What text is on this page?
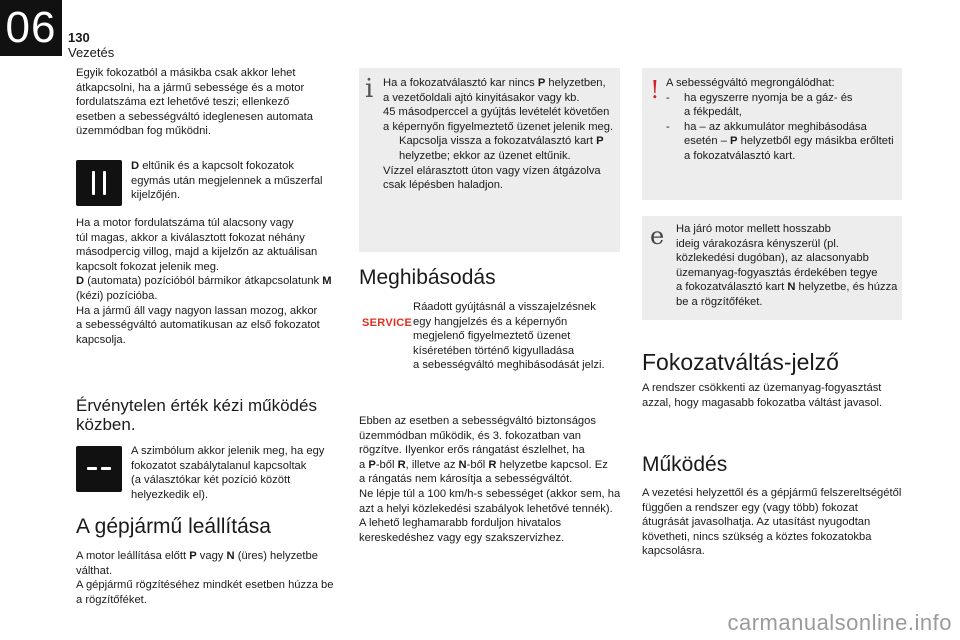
06 130
Vezetés
Egyik fokozatból a másikba csak akkor lehet
átkapcsolni, ha a jármű sebessége és a motor
fordulatszáma ezt lehetővé teszi; ellenkező
esetben a sebességváltó ideglenesen automata
üzemmódban fog működni.
D eltűnik és a kapcsolt fokozatok
egymás után megjelennek a műszerfal
kijelzőjén.
Ha a motor fordulatszáma túl alacsony vagy
túl magas, akkor a kiválasztott fokozat néhány
másodpercig villog, majd a kijelzőn az aktuálisan
kapcsolt fokozat jelenik meg.
D (automata) pozícióból bármikor átkapcsolatunk M
(kézi) pozícióba.
Ha a jármű áll vagy nagyon lassan mozog, akkor
a sebességváltó automatikusan az első fokozatot
kapcsolja.
Érvénytelen érték kézi működés
közben.
A szimbólum akkor jelenik meg, ha egy
fokozatot szabálytalanul kapcsoltak
(a választókar két pozíció között
helyezkedik el).
A gépjármű leállítása
A motor leállítása előtt P vagy N (üres) helyzetbe
válthat.
A gépjármű rögzítéséhez mindkét esetben húzza be
a rögzítőféket.
i Ha a fokozatválasztó kar nincs P helyzetben,
a vezetőoldali ajtó kinyitásakor vagy kb.
45 másodperccel a gyújtás levételét követően
a képernyőn figyelmeztető üzenet jelenik meg.
Kapcsolja vissza a fokozatválasztó kart P
helyzetbe; ekkor az üzenet eltűnik.
Vízzel elárasztott úton vagy vízen átgázolva
csak lépésben haladjon.
Meghibásodás
SERVICE
Ráadott gyújtásnál a visszajelzésnek
egy hangjelzés és a képernyőn
megjelenő figyelmeztető üzenet
kíséretében történő kigyulladása
a sebességváltó meghibásodását jelzi.
Ebben az esetben a sebességváltó biztonságos
üzemmódban működik, és 3. fokozatban van
rögzítve. Ilyenkor erős rángatást észlelhet, ha
a P-ből R, illetve az N-ből R helyzetbe kapcsol. Ez
a rángatás nem károsítja a sebességváltót.
Ne lépje túl a 100 km/h-s sebességet (akkor sem, ha
azt a helyi közlekedési szabályok lehetővé tennék).
A lehető leghamarabb forduljon hivatalos
kereskedéshez vagy egy szakszervizhez.
! A sebességváltó megrongálódhat:
- ha egyszerre nyomja be a gáz- és
a fékpedált,
- ha – az akkumulátor meghibásodása
esetén – P helyzetből egy másikba erőlteti
a fokozatválasztó kart.
e Ha járó motor mellett hosszabb
ideig várakozásra kényszerül (pl.
közlekedési dugóban), az alacsonyabb
üzemanyag-fogyasztás érdekében tegye
a fokozatválasztó kart N helyzetbe, és húzza
be a rögzítőféket.
Fokozatváltás-jelző
A rendszer csökkenti az üzemanyag-fogyasztást
azzal, hogy magasabb fokozatba váltást javasol.
Működés
A vezetési helyzettől és a gépjármű felszereltségétől
függően a rendszer egy (vagy több) fokozat
átugrását javasolhatja. Az utasítást nyugodtan
követheti, nincs szükség a köztes fokozatokba
kapcsolásra.
carmanualsonline.info
